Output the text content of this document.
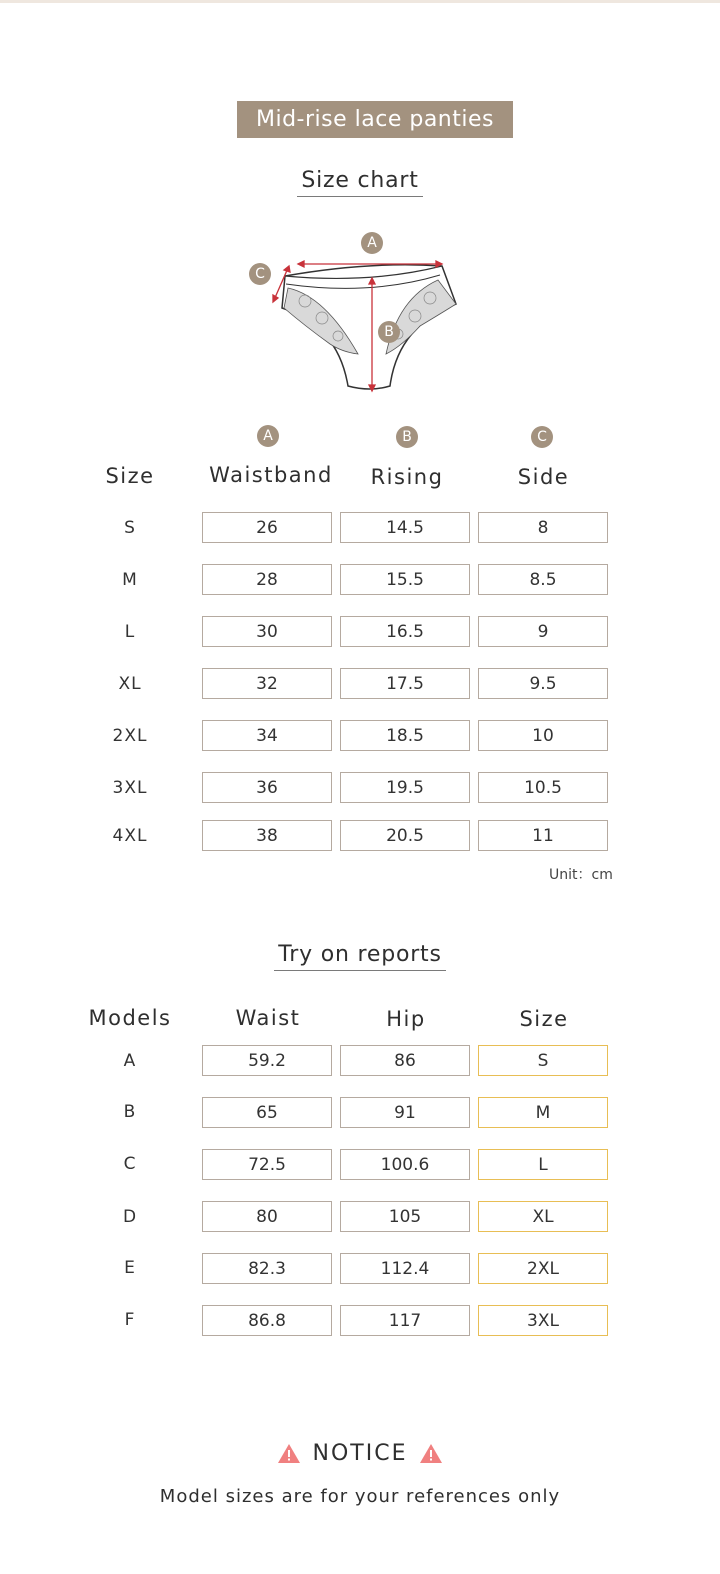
Mid-rise lace panties
Size chart
A
B
C
A	B	C
Size	Waistband	Rising	Side
S	26	14.5	8
M	28	15.5	8.5
L	30	16.5	9
XL	32	17.5	9.5
2XL	34	18.5	10
3XL	36	19.5	10.5
4XL	38	20.5	11
Unit：cm
Try on reports
Models	Waist	Hip	Size
A	59.2	86	S
B	65	91	M
C	72.5	100.6	L
D	80	105	XL
E	82.3	112.4	2XL
F	86.8	117	3XL
NOTICE
Model sizes are for your references only
